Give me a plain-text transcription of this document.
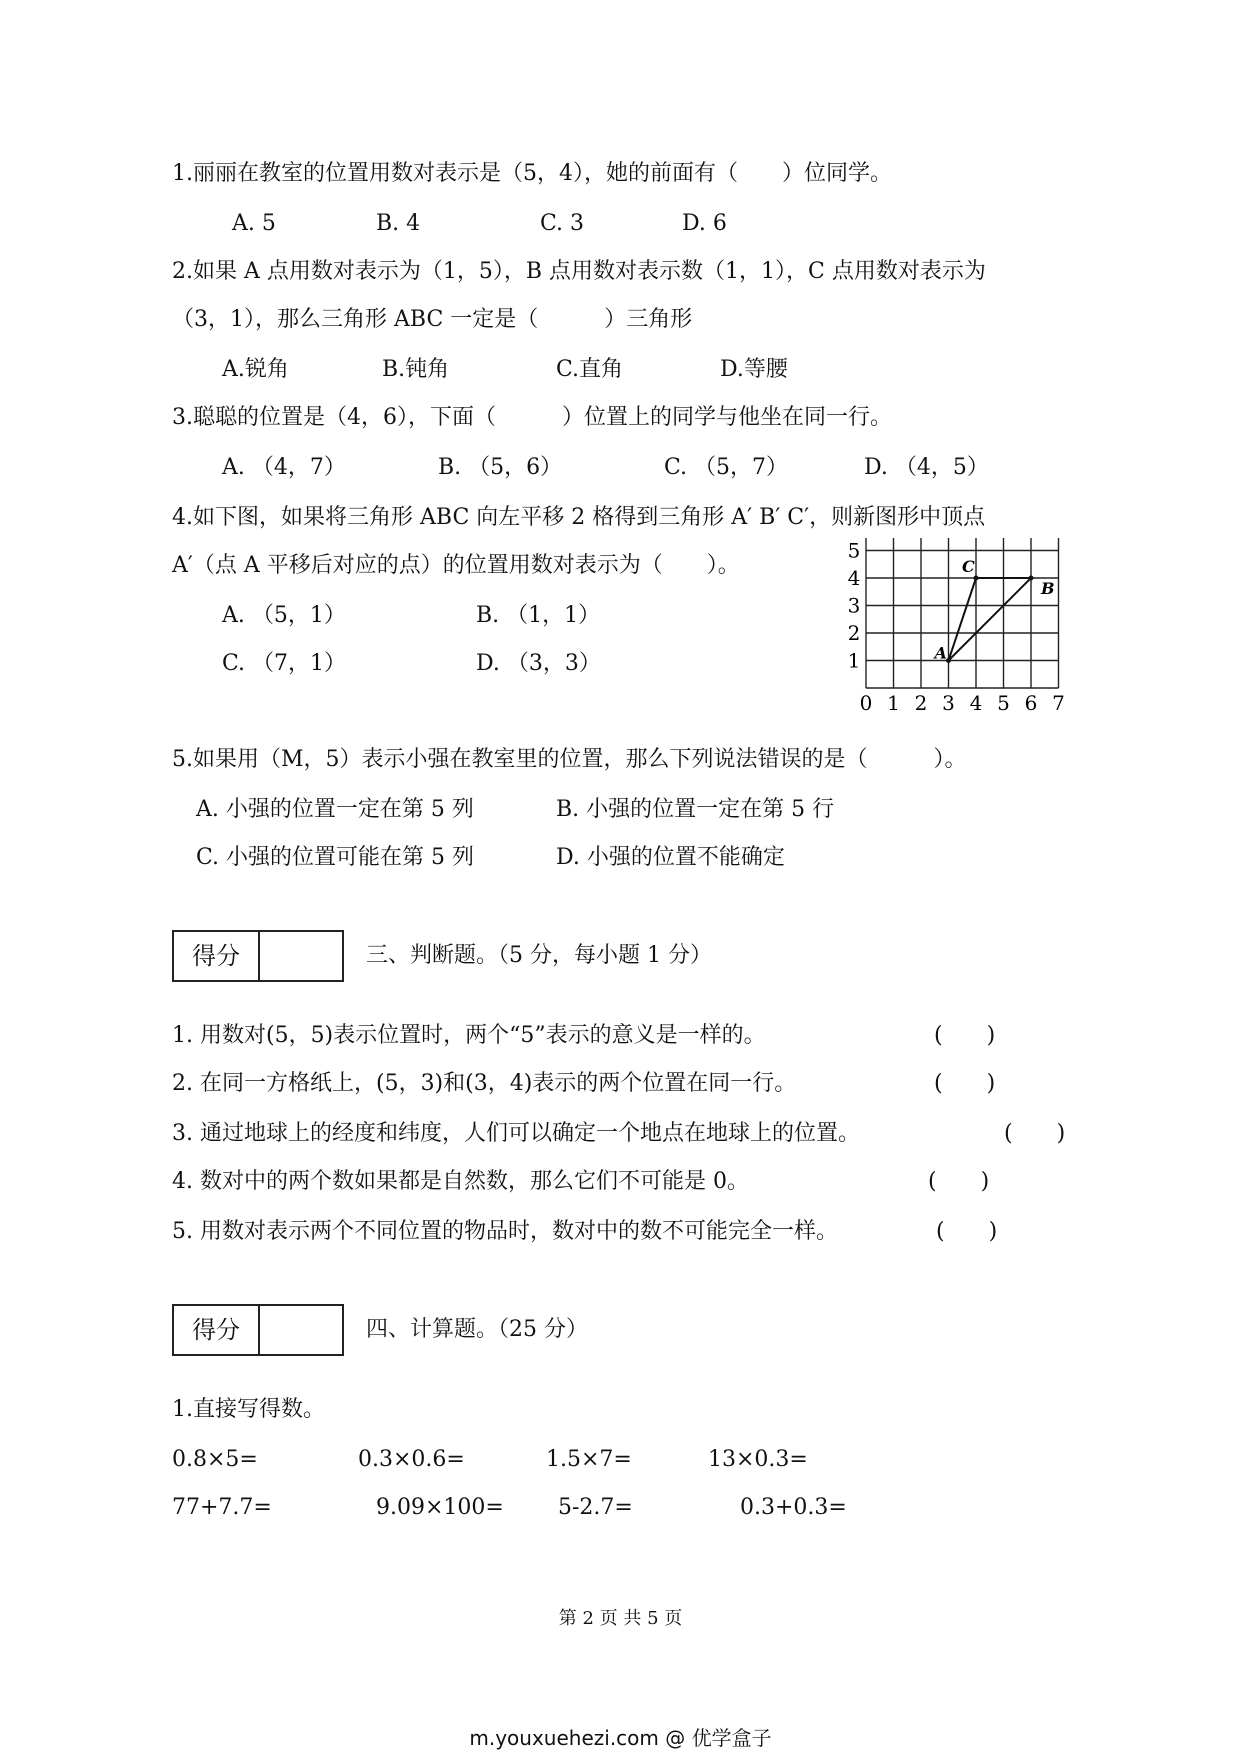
1.丽丽在教室的位置用数对表示是（5，4），她的前面有（　　）位同学。
A. 5	B. 4	C. 3	D. 6
2.如果 A 点用数对表示为（1，5），B 点用数对表示数（1，1），C 点用数对表示为
（3，1），那么三角形 ABC 一定是（　　　）三角形
A.锐角	B.钝角	C.直角	D.等腰
3.聪聪的位置是（4，6），下面（　　　）位置上的同学与他坐在同一行。
A. （4，7）	B. （5，6）	C. （5，7）	D. （4，5）
4.如下图，如果将三角形 ABC 向左平移 2 格得到三角形 A′ B′ C′，则新图形中顶点
A′（点 A 平移后对应的点）的位置用数对表示为（　　）。
A. （5，1）	B. （1，1）
C. （7，1）	D. （3，3）
0 1 2 3 4 5 6 7
1
2
3
4
5
A
B
C
5.如果用（M，5）表示小强在教室里的位置，那么下列说法错误的是（　　　）。
A. 小强的位置一定在第 5 列	B. 小强的位置一定在第 5 行
C. 小强的位置可能在第 5 列	D. 小强的位置不能确定
得分	三、判断题。（5 分，每小题 1 分）
1. 用数对(5，5)表示位置时，两个“5”表示的意义是一样的。	(　　)
2. 在同一方格纸上，(5，3)和(3，4)表示的两个位置在同一行。	(　　)
3. 通过地球上的经度和纬度，人们可以确定一个地点在地球上的位置。	(　　)
4. 数对中的两个数如果都是自然数，那么它们不可能是 0。	(　　)
5. 用数对表示两个不同位置的物品时，数对中的数不可能完全一样。	(　　)
得分	四、计算题。（25 分）
1.直接写得数。
0.8×5=	0.3×0.6=	1.5×7=	13×0.3=
77+7.7=	9.09×100= 5-2.7=	0.3+0.3=
第 2 页 共 5 页
m.youxuehezi.com @ 优学盒子
